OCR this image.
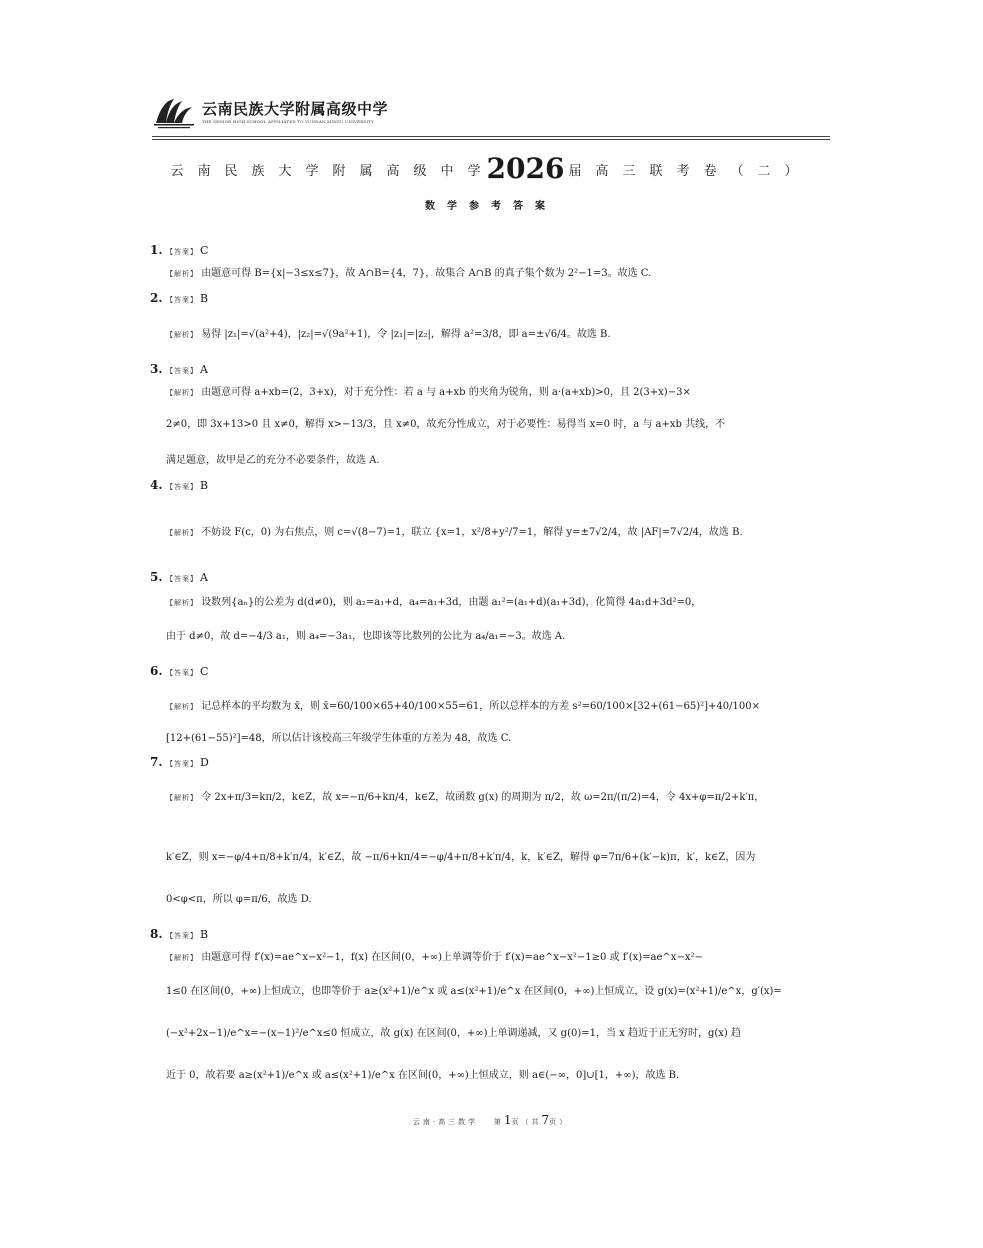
云南民族大学附属高级中学
THE SENIOR HIGH SCHOOL AFFILIATED TO YUNNAN MINZU UNIVERSITY
云南民族大学附属高级中学2026 届高三联考卷（二）
数学参考答案
1. 【答案】 C
【解析】 由题意可得 B={x|−3≤x≤7}，故 A∩B={4，7}，故集合 A∩B 的真子集个数为 2²−1=3。故选 C.
2. 【答案】 B
【解析】 易得 |z₁|=√(a²+4)，|z₂|=√(9a²+1)，令 |z₁|=|z₂|，解得 a²=3/8，即 a=±√6/4。故选 B.
3. 【答案】 A
【解析】 由题意可得 a+xb=(2，3+x)，对于充分性：若 a 与 a+xb 的夹角为锐角，则 a·(a+xb)>0，且 2(3+x)−3×
2≠0，即 3x+13>0 且 x≠0，解得 x>−13/3，且 x≠0，故充分性成立，对于必要性：易得当 x=0 时，a 与 a+xb 共线，不
满足题意，故甲是乙的充分不必要条件，故选 A.
4. 【答案】 B
【解析】 不妨设 F(c，0) 为右焦点，则 c=√(8−7)=1，联立 {x=1，x²/8+y²/7=1，解得 y=±7√2/4，故 |AF|=7√2/4，故选 B.
5. 【答案】 A
【解析】 设数列{aₙ}的公差为 d(d≠0)，则 a₂=a₁+d，a₄=a₁+3d，由题 a₁²=(a₁+d)(a₁+3d)，化简得 4a₁d+3d²=0，
由于 d≠0，故 d=−4/3 a₁，则 a₄=−3a₁，也即该等比数列的公比为 a₄/a₁=−3。故选 A.
6. 【答案】 C
【解析】 记总样本的平均数为 x̄，则 x̄=60/100×65+40/100×55=61，所以总样本的方差 s²=60/100×[32+(61−65)²]+40/100×
[12+(61−55)²]=48，所以估计该校高三年级学生体重的方差为 48，故选 C.
7. 【答案】 D
【解析】 令 2x+π/3=kπ/2，k∈Z，故 x=−π/6+kπ/4，k∈Z，故函数 g(x) 的周期为 π/2，故 ω=2π/(π/2)=4，令 4x+φ=π/2+k′π，
k′∈Z，则 x=−φ/4+π/8+k′π/4，k′∈Z，故 −π/6+kπ/4=−φ/4+π/8+k′π/4，k，k′∈Z，解得 φ=7π/6+(k′−k)π，k′，k∈Z，因为
0<φ<π，所以 φ=π/6，故选 D.
8. 【答案】 B
【解析】 由题意可得 f′(x)=ae^x−x²−1，f(x) 在区间(0，+∞)上单调等价于 f′(x)=ae^x−x²−1≥0 或 f′(x)=ae^x−x²−
1≤0 在区间(0，+∞)上恒成立，也即等价于 a≥(x²+1)/e^x 或 a≤(x²+1)/e^x 在区间(0，+∞)上恒成立，设 g(x)=(x²+1)/e^x，g′(x)=
(−x²+2x−1)/e^x=−(x−1)²/e^x≤0 恒成立，故 g(x) 在区间(0，+∞)上单调递减，又 g(0)=1，当 x 趋近于正无穷时，g(x) 趋
近于 0，故若要 a≥(x²+1)/e^x 或 a≤(x²+1)/e^x 在区间(0，+∞)上恒成立，则 a∈(−∞，0]∪[1，+∞)，故选 B.
云南·高三数学 第1页（共7页）
